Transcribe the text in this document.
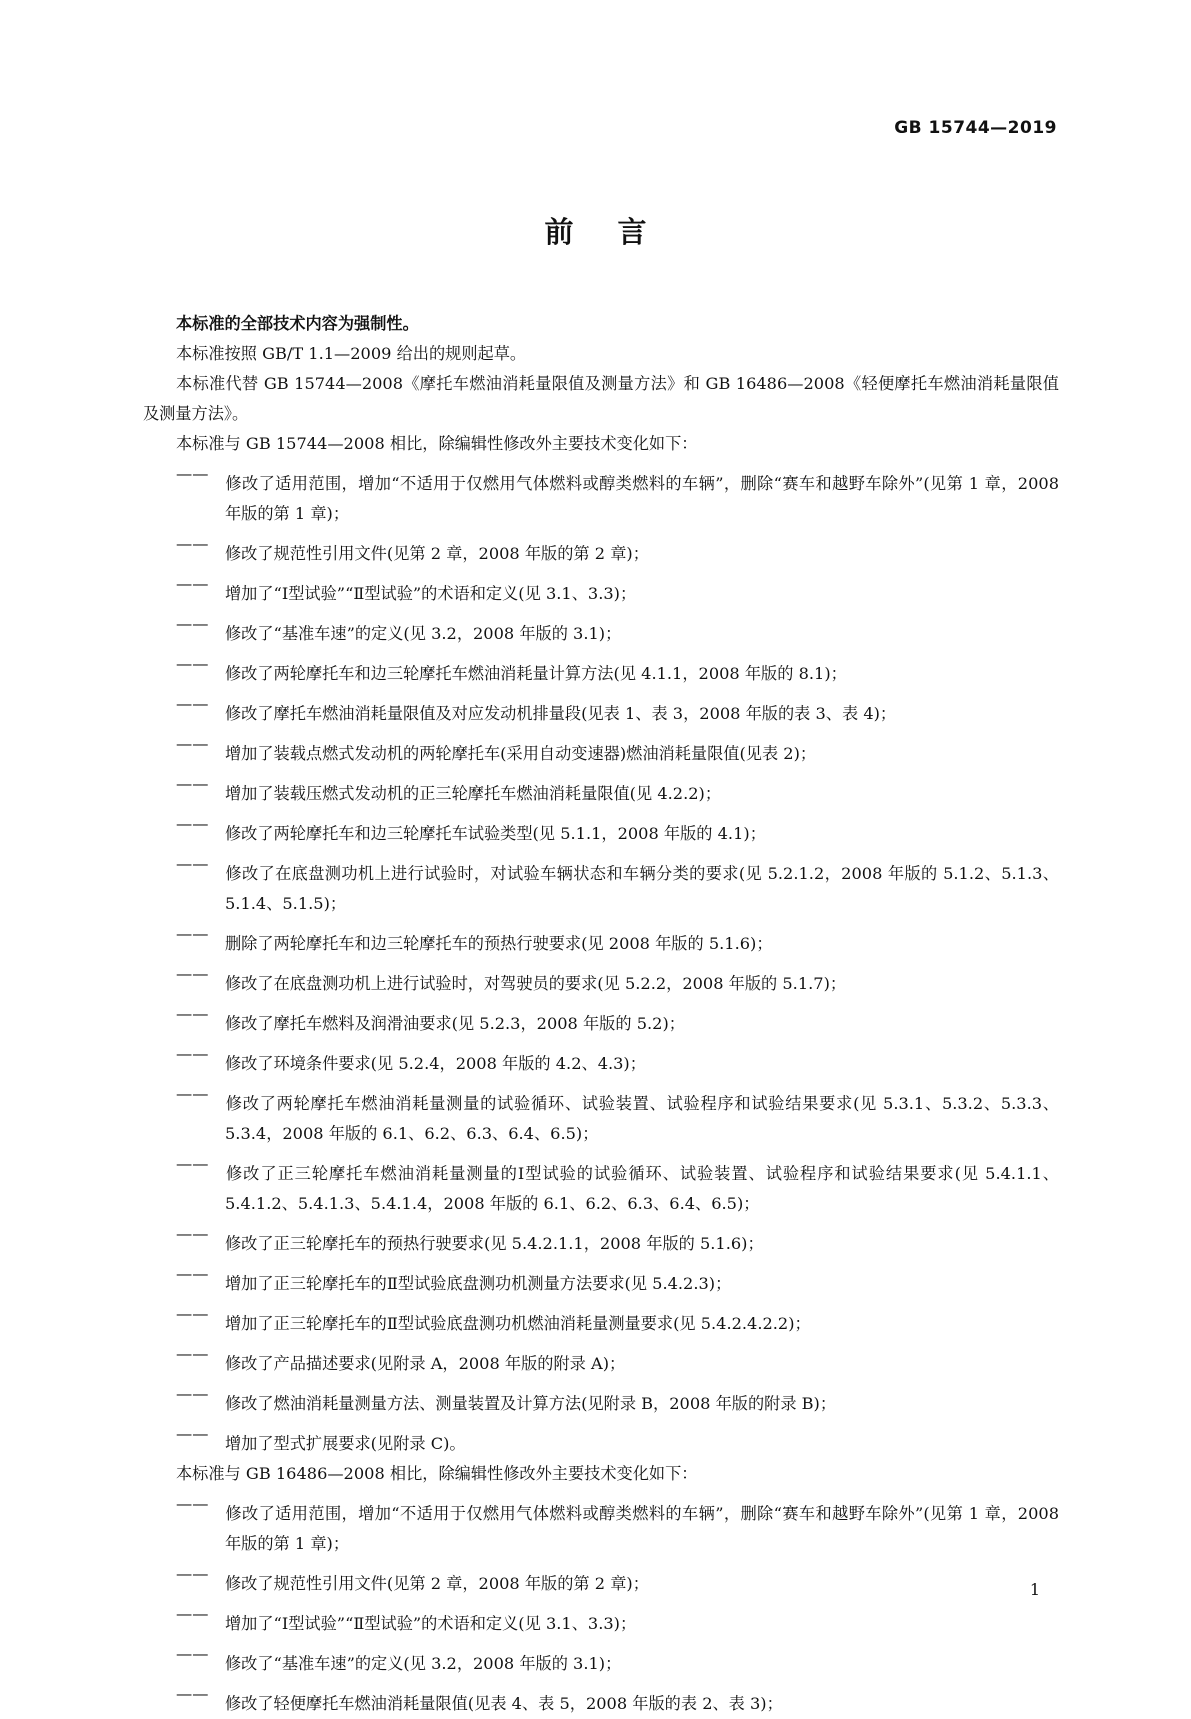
GB 15744—2019
前言

本标准的全部技术内容为强制性。

本标准按照 GB/T 1.1—2009 给出的规则起草。

本标准代替 GB 15744—2008《摩托车燃油消耗量限值及测量方法》和 GB 16486—2008《轻便摩托车燃油消耗量限值及测量方法》。

本标准与 GB 15744—2008 相比，除编辑性修改外主要技术变化如下：

——修改了适用范围，增加“不适用于仅燃用气体燃料或醇类燃料的车辆”，删除“赛车和越野车除外”(见第 1 章，2008 年版的第 1 章)；
——修改了规范性引用文件(见第 2 章，2008 年版的第 2 章)；
——增加了“Ⅰ型试验”“Ⅱ型试验”的术语和定义(见 3.1、3.3)；
——修改了“基准车速”的定义(见 3.2，2008 年版的 3.1)；
——修改了两轮摩托车和边三轮摩托车燃油消耗量计算方法(见 4.1.1，2008 年版的 8.1)；
——修改了摩托车燃油消耗量限值及对应发动机排量段(见表 1、表 3，2008 年版的表 3、表 4)；
——增加了装载点燃式发动机的两轮摩托车(采用自动变速器)燃油消耗量限值(见表 2)；
——增加了装载压燃式发动机的正三轮摩托车燃油消耗量限值(见 4.2.2)；
——修改了两轮摩托车和边三轮摩托车试验类型(见 5.1.1，2008 年版的 4.1)；
——修改了在底盘测功机上进行试验时，对试验车辆状态和车辆分类的要求(见 5.2.1.2，2008 年版的 5.1.2、5.1.3、5.1.4、5.1.5)；
——删除了两轮摩托车和边三轮摩托车的预热行驶要求(见 2008 年版的 5.1.6)；
——修改了在底盘测功机上进行试验时，对驾驶员的要求(见 5.2.2，2008 年版的 5.1.7)；
——修改了摩托车燃料及润滑油要求(见 5.2.3，2008 年版的 5.2)；
——修改了环境条件要求(见 5.2.4，2008 年版的 4.2、4.3)；
——修改了两轮摩托车燃油消耗量测量的试验循环、试验装置、试验程序和试验结果要求(见 5.3.1、5.3.2、5.3.3、5.3.4，2008 年版的 6.1、6.2、6.3、6.4、6.5)；
——修改了正三轮摩托车燃油消耗量测量的Ⅰ型试验的试验循环、试验装置、试验程序和试验结果要求(见 5.4.1.1、5.4.1.2、5.4.1.3、5.4.1.4，2008 年版的 6.1、6.2、6.3、6.4、6.5)；
——修改了正三轮摩托车的预热行驶要求(见 5.4.2.1.1，2008 年版的 5.1.6)；
——增加了正三轮摩托车的Ⅱ型试验底盘测功机测量方法要求(见 5.4.2.3)；
——增加了正三轮摩托车的Ⅱ型试验底盘测功机燃油消耗量测量要求(见 5.4.2.4.2.2)；
——修改了产品描述要求(见附录 A，2008 年版的附录 A)；
——修改了燃油消耗量测量方法、测量装置及计算方法(见附录 B，2008 年版的附录 B)；
——增加了型式扩展要求(见附录 C)。

本标准与 GB 16486—2008 相比，除编辑性修改外主要技术变化如下：

——修改了适用范围，增加“不适用于仅燃用气体燃料或醇类燃料的车辆”，删除“赛车和越野车除外”(见第 1 章，2008 年版的第 1 章)；
——修改了规范性引用文件(见第 2 章，2008 年版的第 2 章)；
——增加了“Ⅰ型试验”“Ⅱ型试验”的术语和定义(见 3.1、3.3)；
——修改了“基准车速”的定义(见 3.2，2008 年版的 3.1)；
——修改了轻便摩托车燃油消耗量限值(见表 4、表 5，2008 年版的表 2、表 3)；
1
